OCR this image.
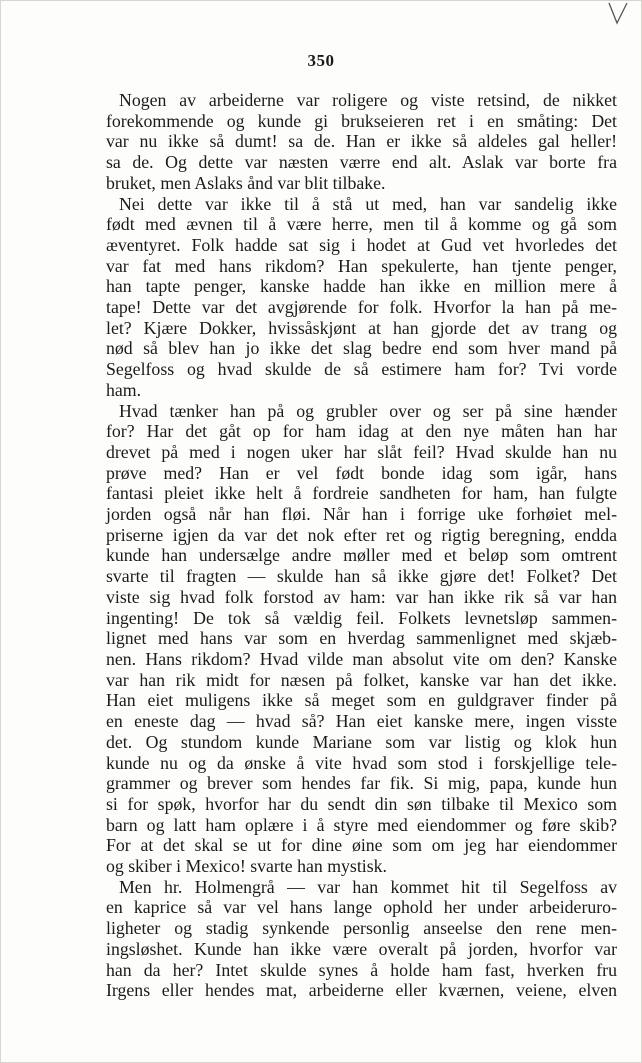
350
Nogen av arbeiderne var roligere og viste retsind, de nikket
forekommende og kunde gi brukseieren ret i en småting: Det
var nu ikke så dumt! sa de. Han er ikke så aldeles gal heller!
sa de. Og dette var næsten værre end alt. Aslak var borte fra
bruket, men Aslaks ånd var blit tilbake.
Nei dette var ikke til å stå ut med, han var sandelig ikke
født med ævnen til å være herre, men til å komme og gå som
æventyret. Folk hadde sat sig i hodet at Gud vet hvorledes det
var fat med hans rikdom? Han spekulerte, han tjente penger,
han tapte penger, kanske hadde han ikke en million mere å
tape! Dette var det avgjørende for folk. Hvorfor la han på me-
let? Kjære Dokker, hvissåskjønt at han gjorde det av trang og
nød så blev han jo ikke det slag bedre end som hver mand på
Segelfoss og hvad skulde de så estimere ham for? Tvi vorde
ham.
Hvad tænker han på og grubler over og ser på sine hænder
for? Har det gåt op for ham idag at den nye måten han har
drevet på med i nogen uker har slåt feil? Hvad skulde han nu
prøve med? Han er vel født bonde idag som igår, hans
fantasi pleiet ikke helt å fordreie sandheten for ham, han fulgte
jorden også når han fløi. Når han i forrige uke forhøiet mel-
priserne igjen da var det nok efter ret og rigtig beregning, endda
kunde han undersælge andre møller med et beløp som omtrent
svarte til fragten — skulde han så ikke gjøre det! Folket? Det
viste sig hvad folk forstod av ham: var han ikke rik så var han
ingenting! De tok så vældig feil. Folkets levnetsløp sammen-
lignet med hans var som en hverdag sammenlignet med skjæb-
nen. Hans rikdom? Hvad vilde man absolut vite om den? Kanske
var han rik midt for næsen på folket, kanske var han det ikke.
Han eiet muligens ikke så meget som en guldgraver finder på
en eneste dag — hvad så? Han eiet kanske mere, ingen visste
det. Og stundom kunde Mariane som var listig og klok hun
kunde nu og da ønske å vite hvad som stod i forskjellige tele-
grammer og brever som hendes far fik. Si mig, papa, kunde hun
si for spøk, hvorfor har du sendt din søn tilbake til Mexico som
barn og latt ham oplære i å styre med eiendommer og føre skib?
For at det skal se ut for dine øine som om jeg har eiendommer
og skiber i Mexico! svarte han mystisk.
Men hr. Holmengrå — var han kommet hit til Segelfoss av
en kaprice så var vel hans lange ophold her under arbeideruro-
ligheter og stadig synkende personlig anseelse den rene men-
ingsløshet. Kunde han ikke være overalt på jorden, hvorfor var
han da her? Intet skulde synes å holde ham fast, hverken fru
Irgens eller hendes mat, arbeiderne eller kværnen, veiene, elven
